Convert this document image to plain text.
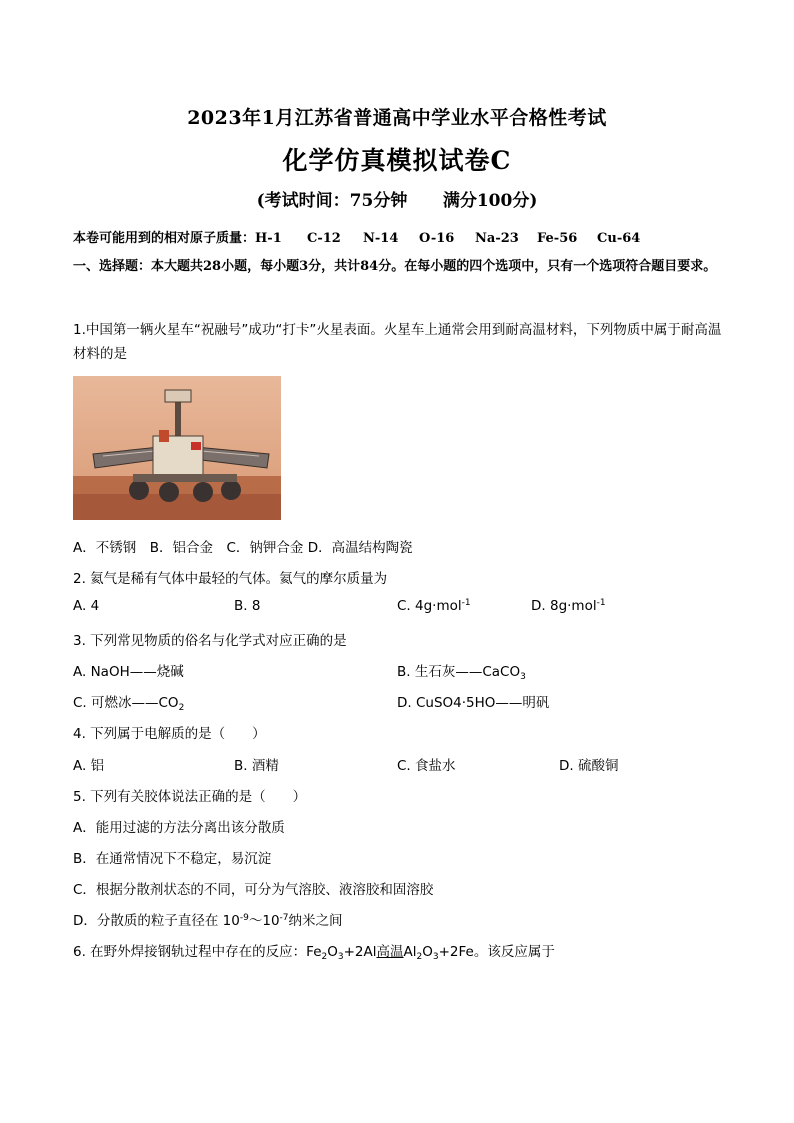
2023年1月江苏省普通高中学业水平合格性考试
化学仿真模拟试卷C
(考试时间：75分钟 满分100分)
本卷可能用到的相对原子质量：H-1 C-12 N-14 O-16 Na-23 Fe-56 Cu-64
一、选择题：本大题共28小题，每小题3分，共计84分。在每小题的四个选项中，只有一个选项符合题目要求。
1.中国第一辆火星车“祝融号”成功“打卡”火星表面。火星车上通常会用到耐高温材料，下列物质中属于耐高温材料的是
A．不锈钢　B．铝合金　C．钠钾合金 D．高温结构陶瓷
2. 氦气是稀有气体中最轻的气体。氦气的摩尔质量为
A. 4	B. 8	C. 4g·mol$^{-1}$	D. 8g·mol$^{-1}$
3. 下列常见物质的俗名与化学式对应正确的是
A. NaOH——烧碱	B. 生石灰——CaCO$_3$
C. 可燃冰$——CO_2$	D. CuSO4·5HO——明矾
4. 下列属于电解质的是（　　）
A. 铝	B. 酒精	C. 食盐水	D. 硫酸铜
5. 下列有关胶体说法正确的是（　　）
A．能用过滤的方法分离出该分散质
B．在通常情况下不稳定，易沉淀
C．根据分散剂状态的不同，可分为气溶胶、液溶胶和固溶胶
D．分散质的粒子直径在 $10^{-9}\sim 10^{-7}$纳米之间
6. 在野外焊接钢轨过程中存在的反应：$Fe_2O_3+2Al$高温$Al_2O_3+2Fe$。该反应属于
